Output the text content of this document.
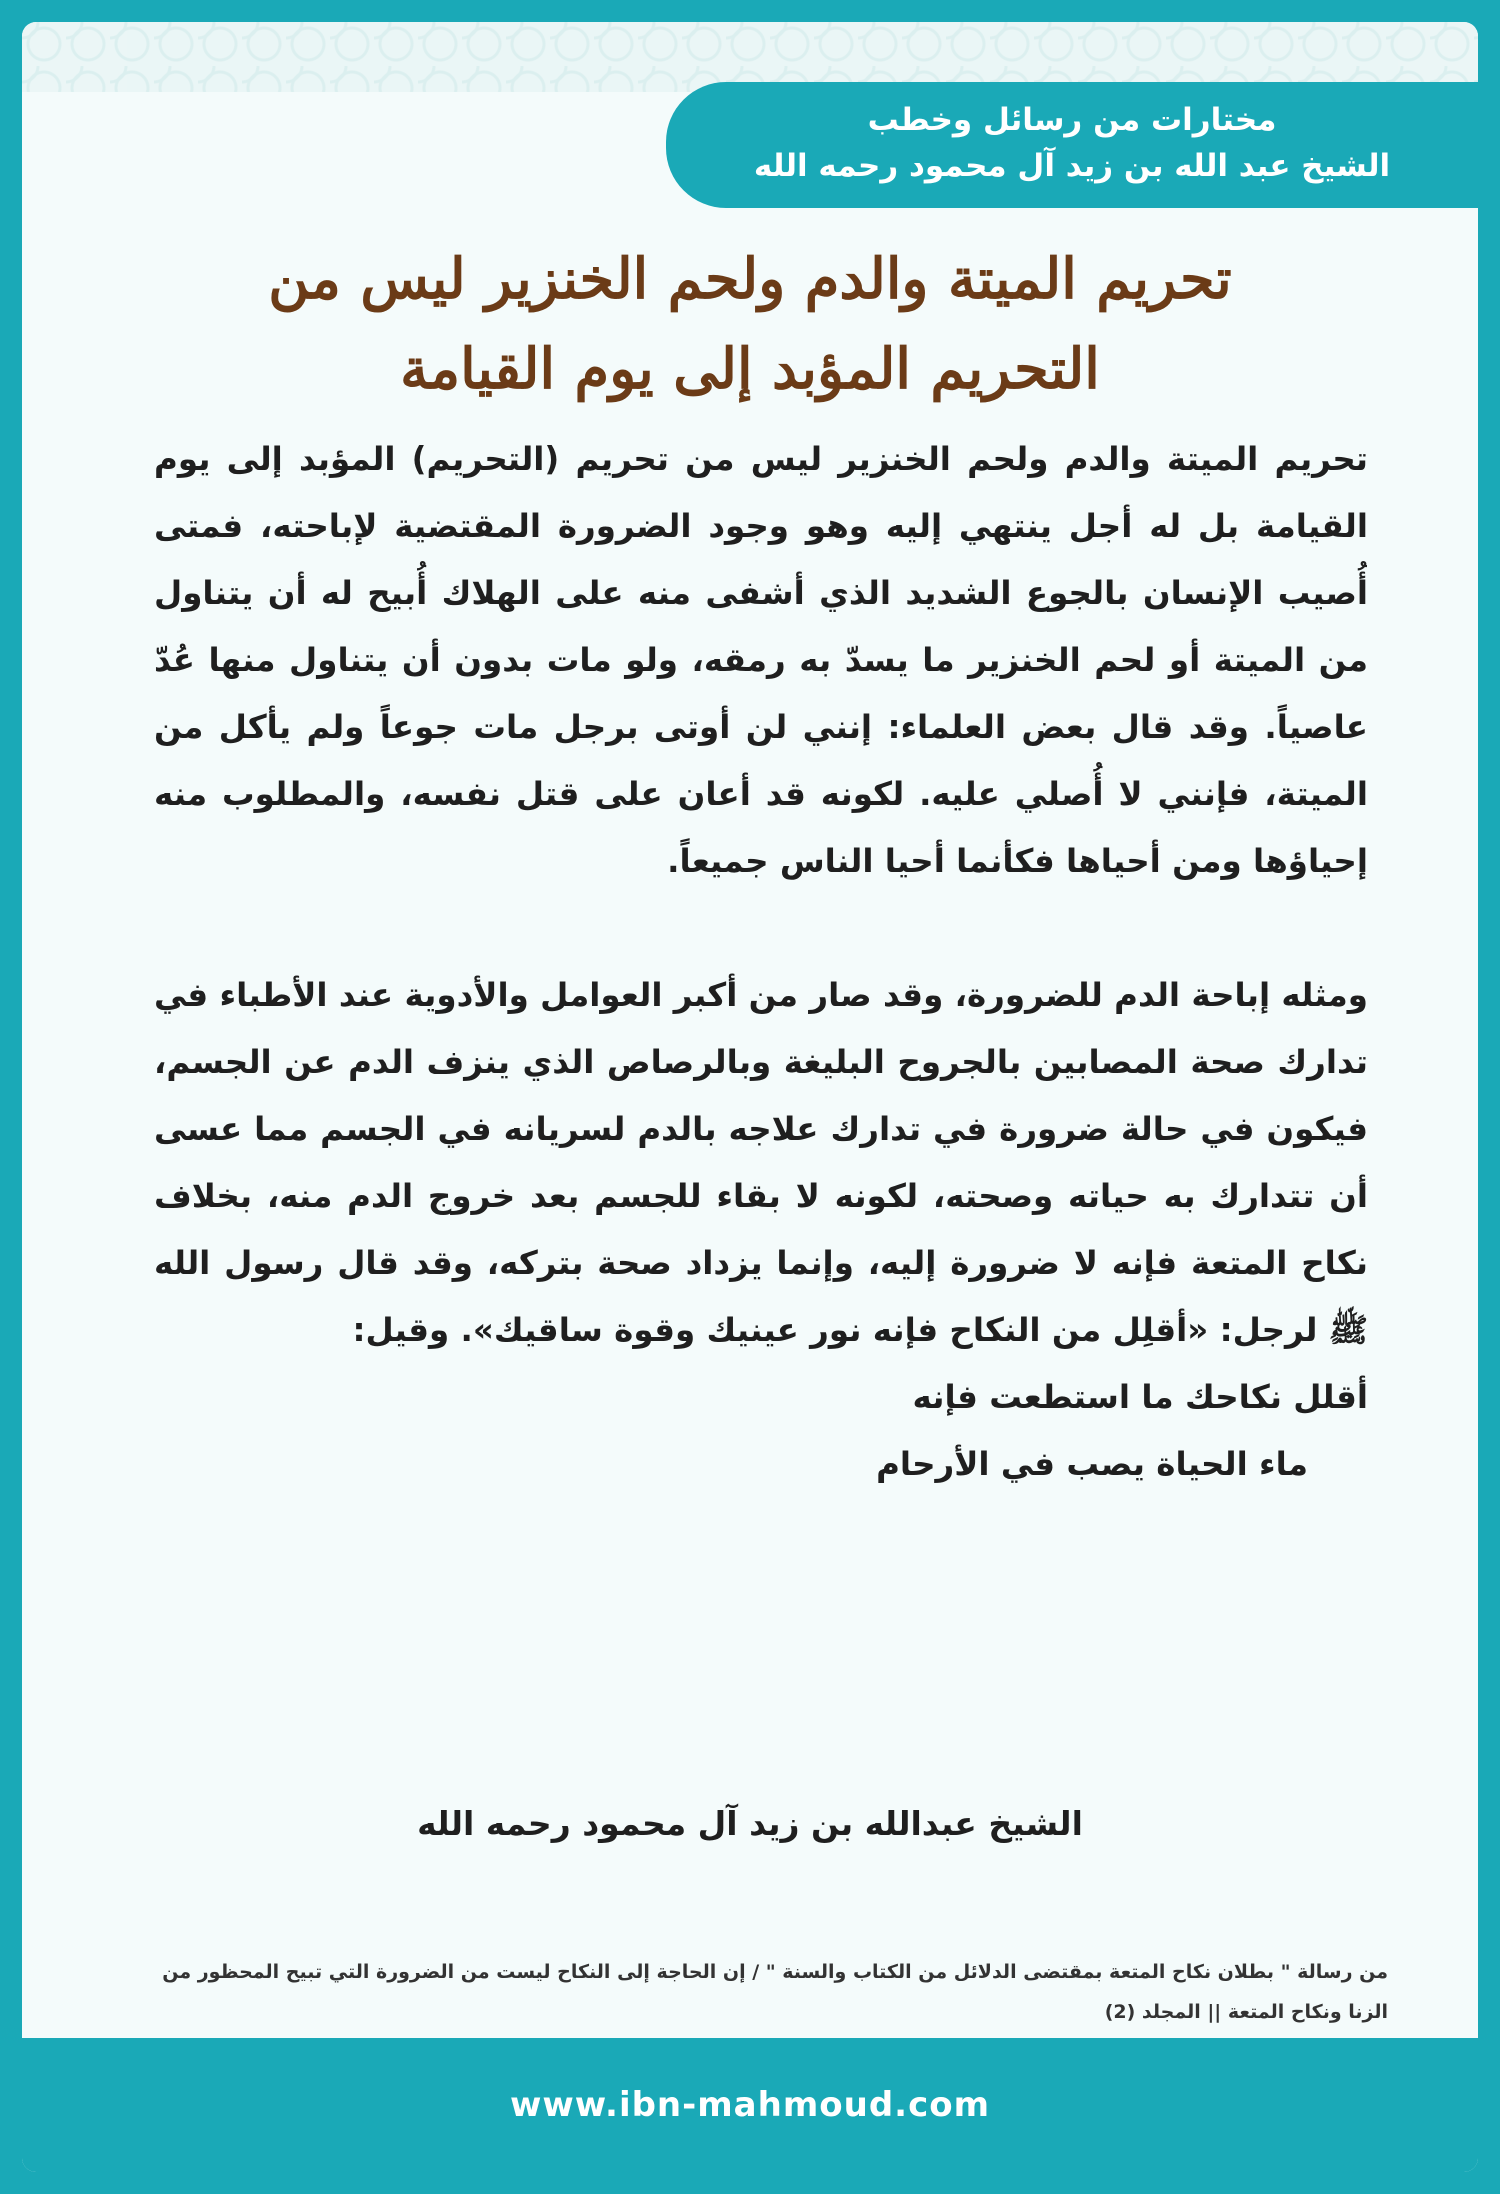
مختارات من رسائل وخطب
الشيخ عبد الله بن زيد آل محمود رحمه الله
تحريم الميتة والدم ولحم الخنزير ليس من
التحريم المؤبد إلى يوم القيامة

تحريم الميتة والدم ولحم الخنزير ليس من تحريم (التحريم) المؤبد إلى يوم القيامة بل له أجل ينتهي إليه وهو وجود الضرورة المقتضية لإباحته، فمتى أُصيب الإنسان بالجوع الشديد الذي أشفى منه على الهلاك أُبيح له أن يتناول من الميتة أو لحم الخنزير ما يسدّ به رمقه، ولو مات بدون أن يتناول منها عُدّ عاصياً. وقد قال بعض العلماء: إنني لن أوتى برجل مات جوعاً ولم يأكل من الميتة، فإنني لا أُصلي عليه. لكونه قد أعان على قتل نفسه، والمطلوب منه إحياؤها ومن أحياها فكأنما أحيا الناس جميعاً.

ومثله إباحة الدم للضرورة، وقد صار من أكبر العوامل والأدوية عند الأطباء في تدارك صحة المصابين بالجروح البليغة وبالرصاص الذي ينزف الدم عن الجسم، فيكون في حالة ضرورة في تدارك علاجه بالدم لسريانه في الجسم مما عسى أن تتدارك به حياته وصحته، لكونه لا بقاء للجسم بعد خروج الدم منه، بخلاف نكاح المتعة فإنه لا ضرورة إليه، وإنما يزداد صحة بتركه، وقد قال رسول الله ﷺ لرجل: «أقلِل من النكاح فإنه نور عينيك وقوة ساقيك». وقيل:
أقلل نكاحك ما استطعت فإنه
ماء الحياة يصب في الأرحام
الشيخ عبدالله بن زيد آل محمود رحمه الله
من رسالة " بطلان نكاح المتعة بمقتضى الدلائل من الكتاب والسنة " / إن الحاجة إلى النكاح ليست من الضرورة التي تبيح المحظور من الزنا ونكاح المتعة || المجلد (2)
www.ibn-mahmoud.com
